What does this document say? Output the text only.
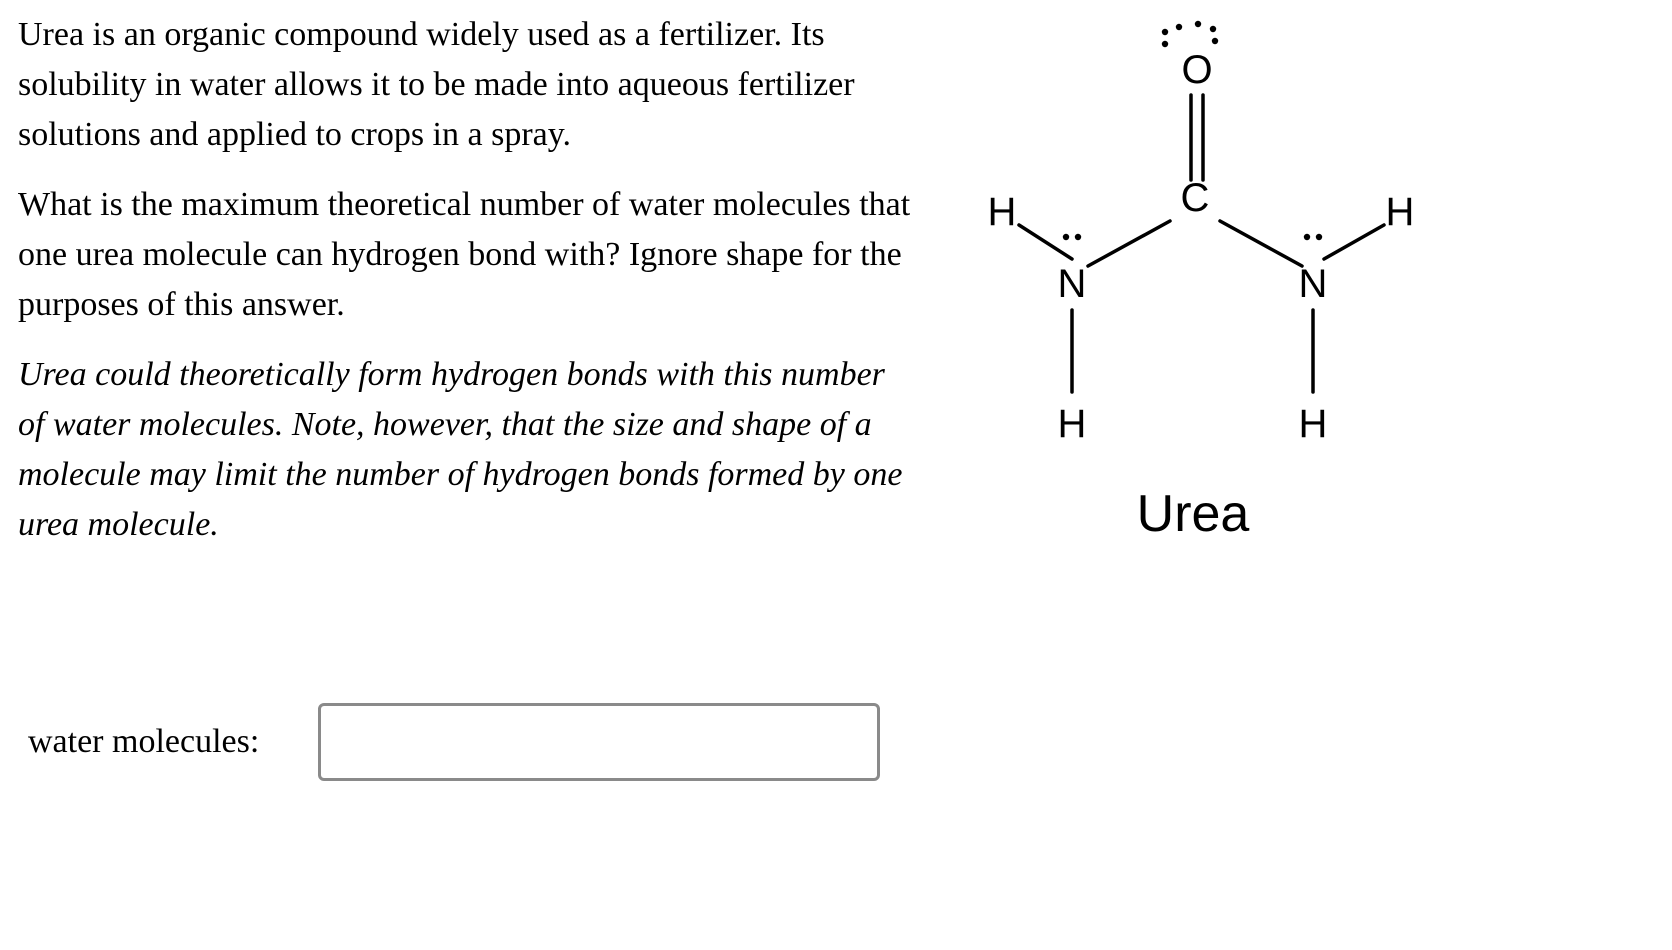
Urea is an organic compound widely used as a fertilizer. Its solubility in water allows it to be made into aqueous fertilizer solutions and applied to crops in a spray.

What is the maximum theoretical number of water molecules that one urea molecule can hydrogen bond with? Ignore shape for the purposes of this answer.

Urea could theoretically form hydrogen bonds with this number of water molecules. Note, however, that the size and shape of a molecule may limit the number of hydrogen bonds formed by one urea molecule.

water molecules:
O
C
N	N
H	H
H	H
Urea
